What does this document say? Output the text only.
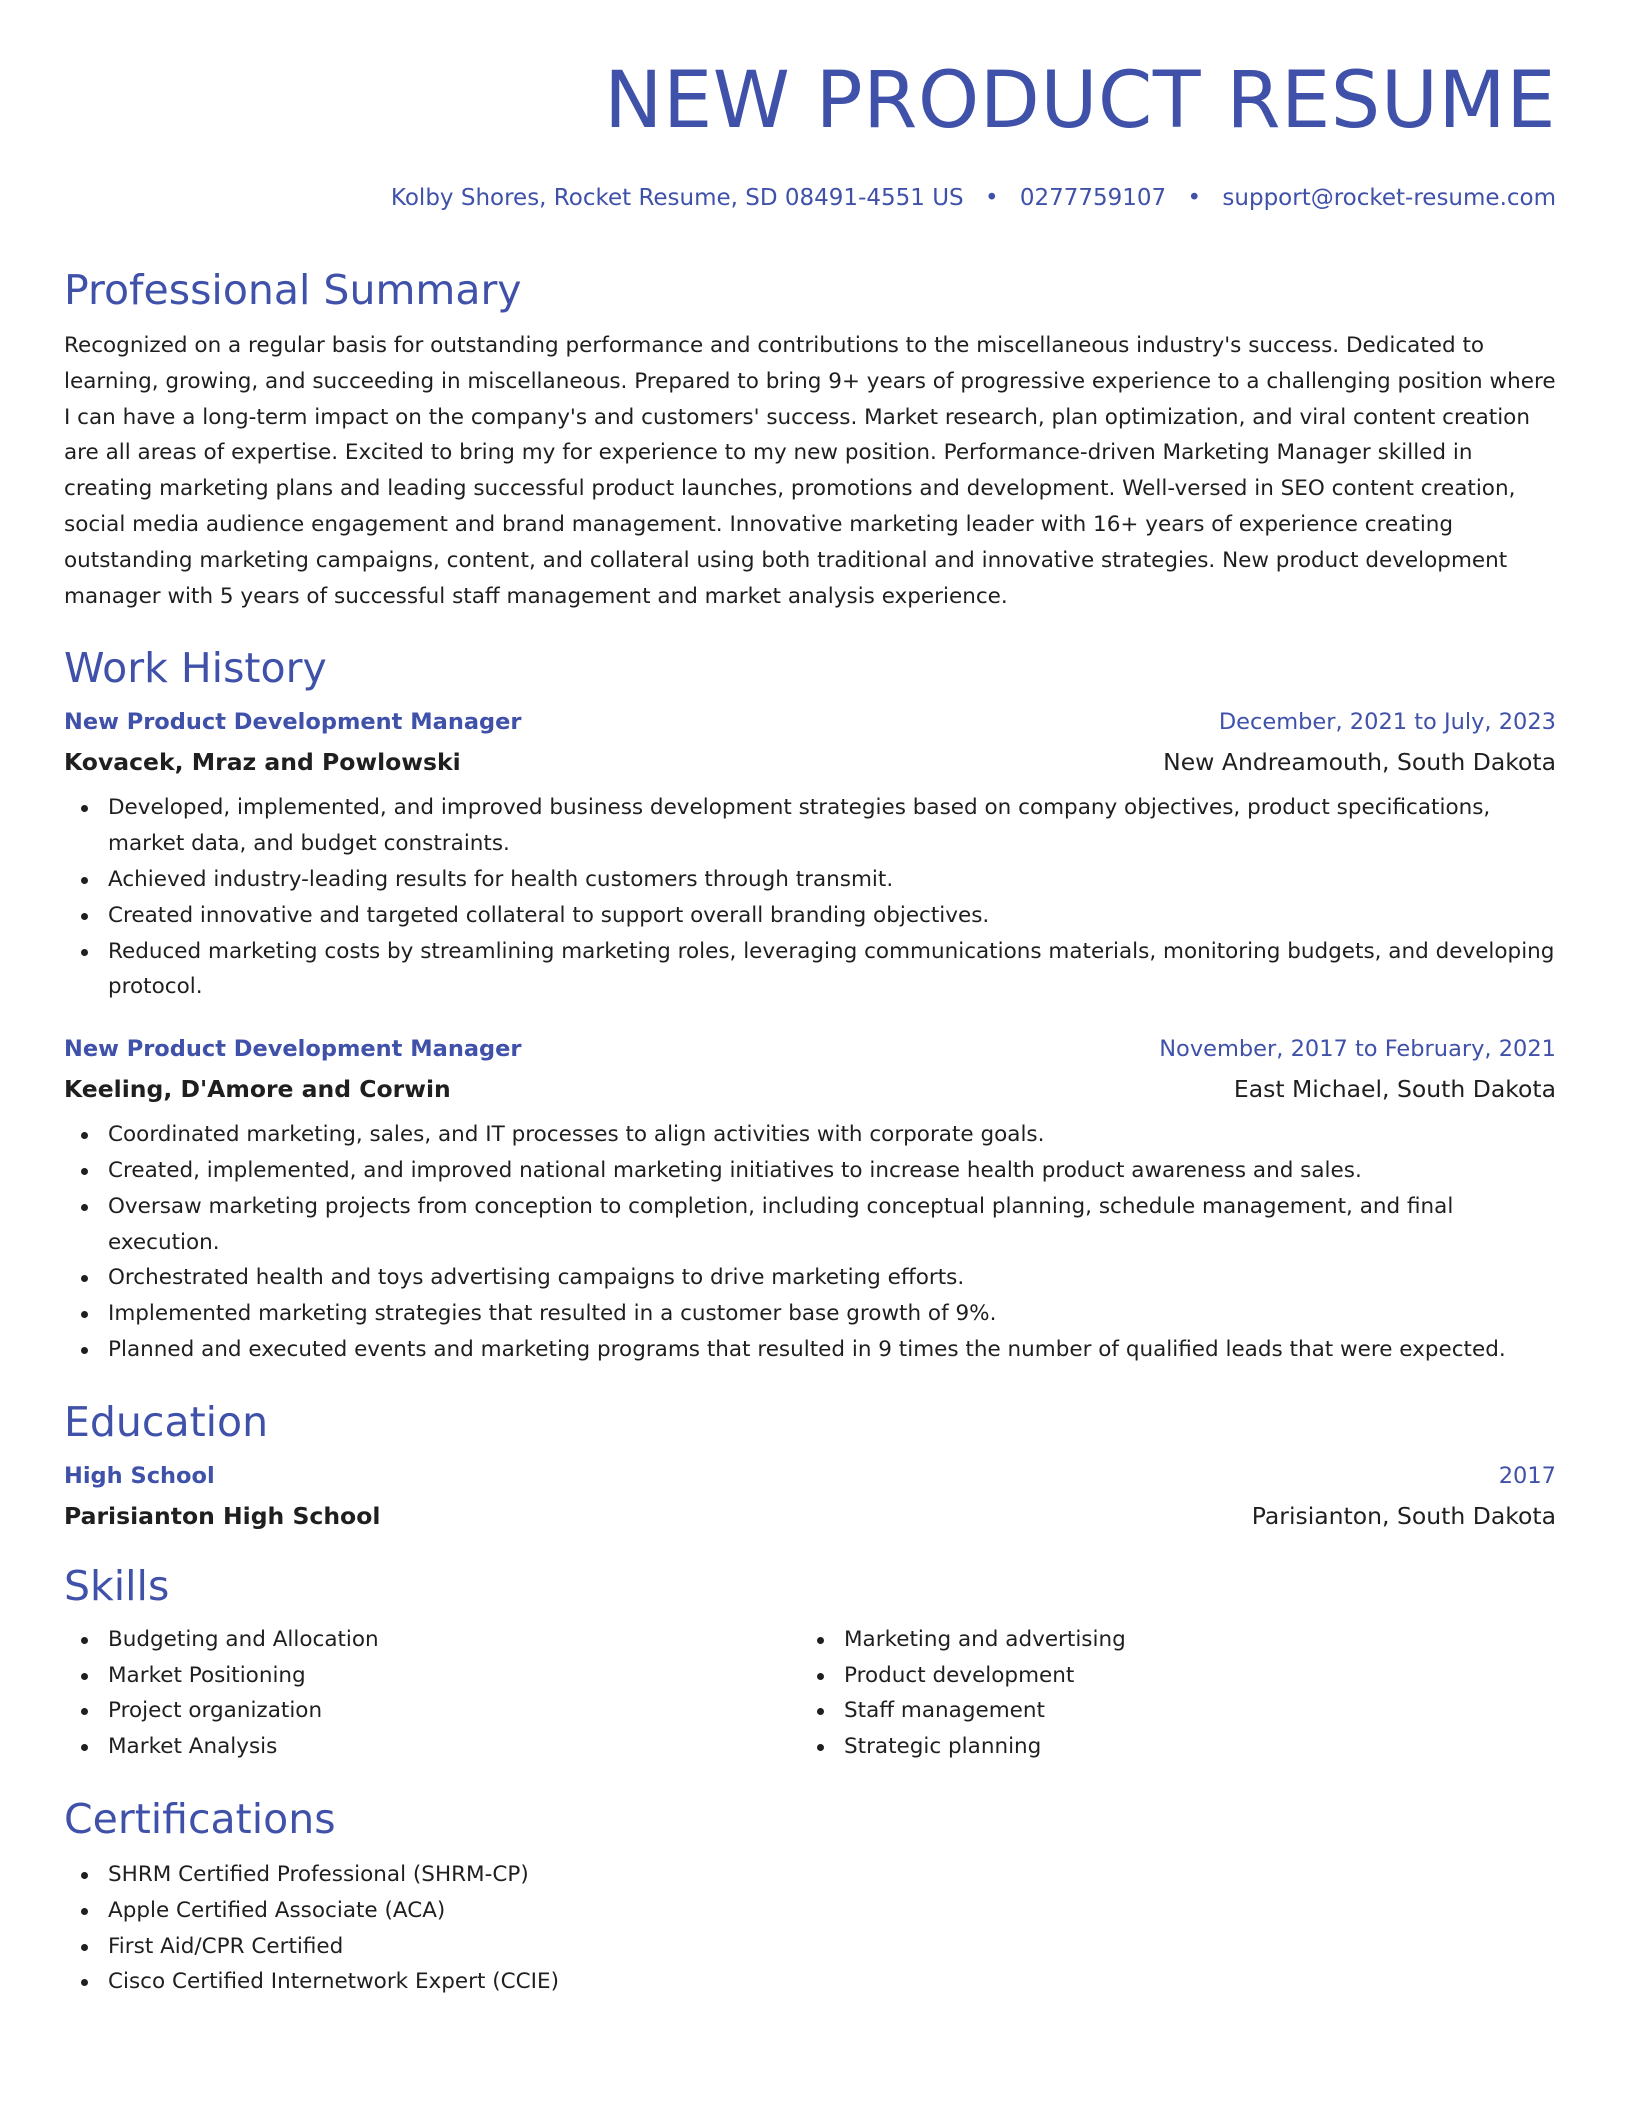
NEW PRODUCT RESUME
Kolby Shores, Rocket Resume, SD 08491-4551 US • 0277759107 • support@rocket-resume.com
Professional Summary

Recognized on a regular basis for outstanding performance and contributions to the miscellaneous industry's success. Dedicated to learning, growing, and succeeding in miscellaneous. Prepared to bring 9+ years of progressive experience to a challenging position where I can have a long-term impact on the company's and customers' success. Market research, plan optimization, and viral content creation are all areas of expertise. Excited to bring my for experience to my new position. Performance-driven Marketing Manager skilled in creating marketing plans and leading successful product launches, promotions and development. Well-versed in SEO content creation, social media audience engagement and brand management. Innovative marketing leader with 16+ years of experience creating outstanding marketing campaigns, content, and collateral using both traditional and innovative strategies. New product development manager with 5 years of successful staff management and market analysis experience.

Work History
New Product Development Manager	December, 2021 to July, 2023
Kovacek, Mraz and Powlowski	New Andreamouth, South Dakota
Developed, implemented, and improved business development strategies based on company objectives, product specifications, market data, and budget constraints.
Achieved industry-leading results for health customers through transmit.
Created innovative and targeted collateral to support overall branding objectives.
Reduced marketing costs by streamlining marketing roles, leveraging communications materials, monitoring budgets, and developing protocol.
New Product Development Manager	November, 2017 to February, 2021
Keeling, D'Amore and Corwin	East Michael, South Dakota
Coordinated marketing, sales, and IT processes to align activities with corporate goals.
Created, implemented, and improved national marketing initiatives to increase health product awareness and sales.
Oversaw marketing projects from conception to completion, including conceptual planning, schedule management, and final execution.
Orchestrated health and toys advertising campaigns to drive marketing efforts.
Implemented marketing strategies that resulted in a customer base growth of 9%.
Planned and executed events and marketing programs that resulted in 9 times the number of qualified leads that were expected.
Education
High School	2017
Parisianton High School	Parisianton, South Dakota
Skills
Budgeting and Allocation
Market Positioning
Project organization
Market Analysis
Marketing and advertising
Product development
Staff management
Strategic planning
Certifications
SHRM Certified Professional (SHRM-CP)
Apple Certified Associate (ACA)
First Aid/CPR Certified
Cisco Certified Internetwork Expert (CCIE)
